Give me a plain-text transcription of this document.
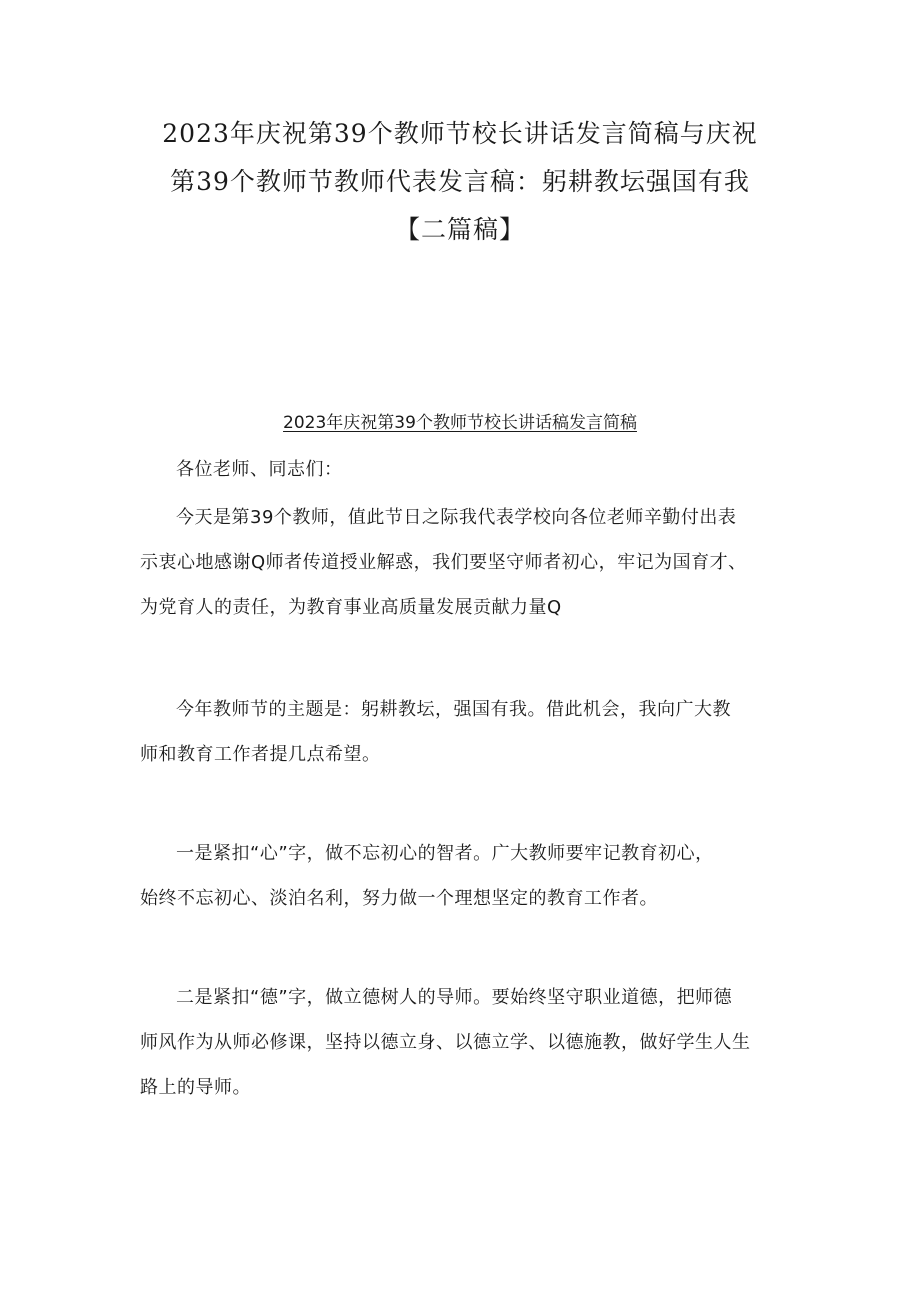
2023年庆祝第39个教师节校长讲话发言简稿与庆祝
第39个教师节教师代表发言稿：躬耕教坛强国有我
【二篇稿】
2023年庆祝第39个教师节校长讲话稿发言简稿

各位老师、同志们：

今天是第39个教师，值此节日之际我代表学校向各位老师辛勤付出表
示衷心地感谢Q师者传道授业解惑，我们要坚守师者初心，牢记为国育才、
为党育人的责任，为教育事业高质量发展贡献力量Q

今年教师节的主题是：躬耕教坛，强国有我。借此机会，我向广大教
师和教育工作者提几点希望。

一是紧扣“心”字，做不忘初心的智者。广大教师要牢记教育初心，
始终不忘初心、淡泊名利，努力做一个理想坚定的教育工作者。

二是紧扣“德”字，做立德树人的导师。要始终坚守职业道德，把师德
师风作为从师必修课，坚持以德立身、以德立学、以德施教，做好学生人生
路上的导师。
